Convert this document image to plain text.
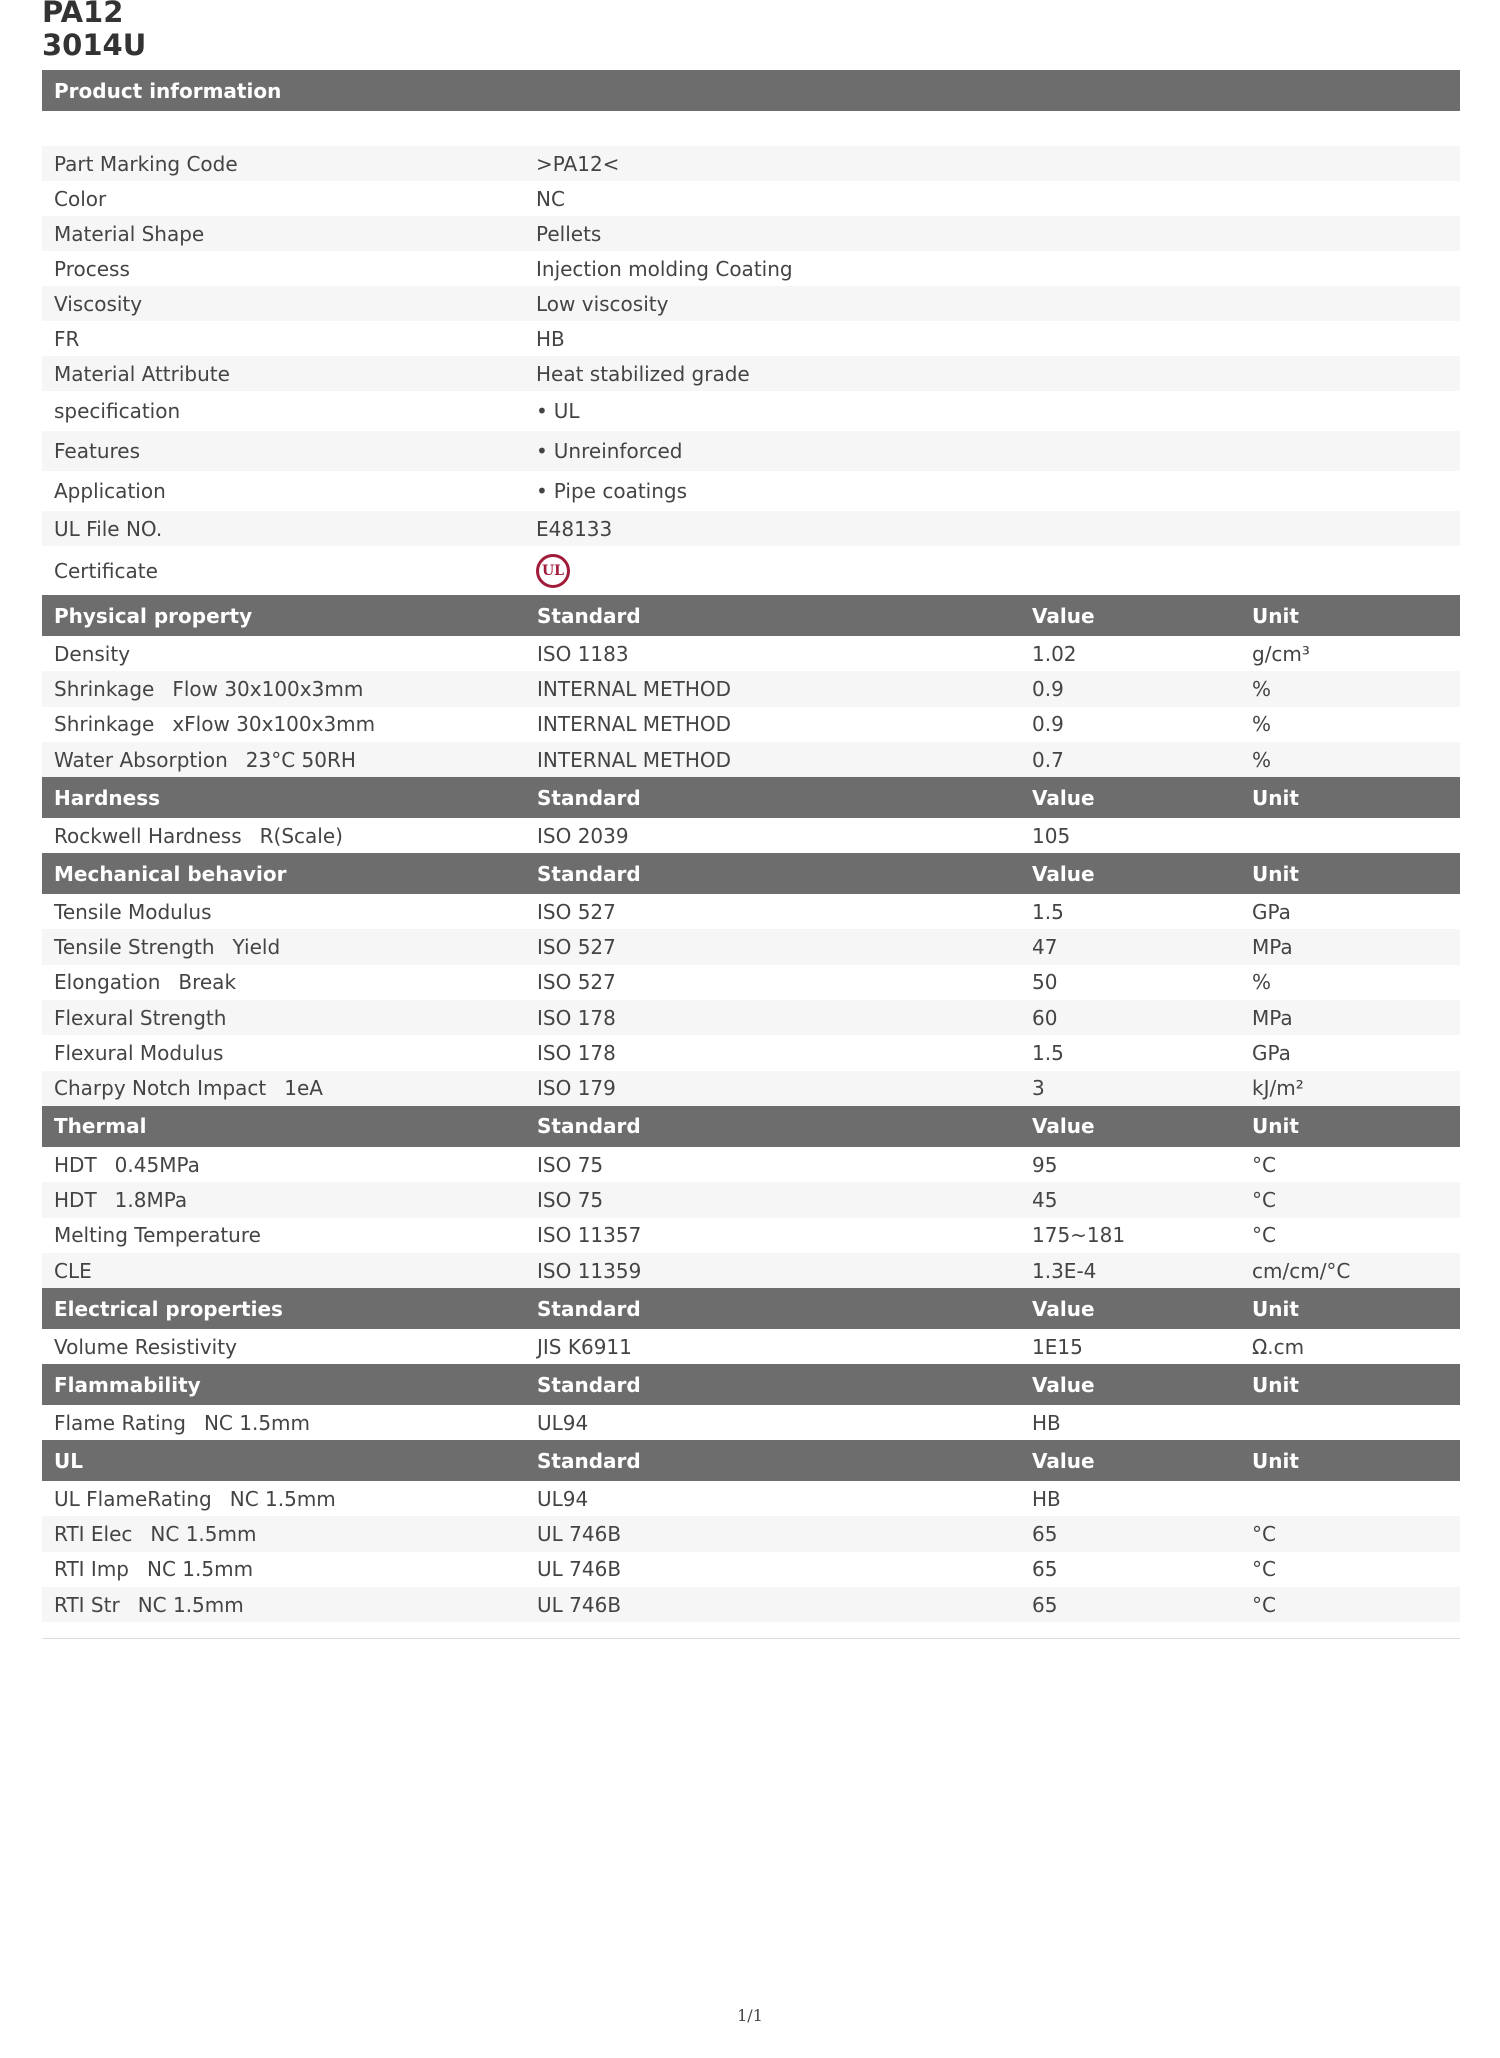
PA12
3014U
Product information
Part Marking Code	>PA12<
Color	NC
Material Shape	Pellets
Process	Injection molding Coating
Viscosity	Low viscosity
FR	HB
Material Attribute	Heat stabilized grade
specification	• UL
Features	• Unreinforced
Application	• Pipe coatings
UL File NO.	E48133
Certificate	UL
Physical property	Standard	Value	Unit
Density	ISO 1183	1.02	g/cm³
Shrinkage Flow 30x100x3mm	INTERNAL METHOD	0.9	%
Shrinkage xFlow 30x100x3mm	INTERNAL METHOD	0.9	%
Water Absorption 23°C 50RH	INTERNAL METHOD	0.7	%
Hardness	Standard	Value	Unit
Rockwell Hardness R(Scale)	ISO 2039	105
Mechanical behavior	Standard	Value	Unit
Tensile Modulus	ISO 527	1.5	GPa
Tensile Strength Yield	ISO 527	47	MPa
Elongation Break	ISO 527	50	%
Flexural Strength	ISO 178	60	MPa
Flexural Modulus	ISO 178	1.5	GPa
Charpy Notch Impact 1eA	ISO 179	3	kJ/m²
Thermal	Standard	Value	Unit
HDT 0.45MPa	ISO 75	95	°C
HDT 1.8MPa	ISO 75	45	°C
Melting Temperature	ISO 11357	175~181	°C
CLE	ISO 11359	1.3E-4	cm/cm/°C
Electrical properties	Standard	Value	Unit
Volume Resistivity	JIS K6911	1E15	Ω.cm
Flammability	Standard	Value	Unit
Flame Rating NC 1.5mm	UL94	HB
UL	Standard	Value	Unit
UL FlameRating NC 1.5mm	UL94	HB
RTI Elec NC 1.5mm	UL 746B	65	°C
RTI Imp NC 1.5mm	UL 746B	65	°C
RTI Str NC 1.5mm	UL 746B	65	°C
1/1
